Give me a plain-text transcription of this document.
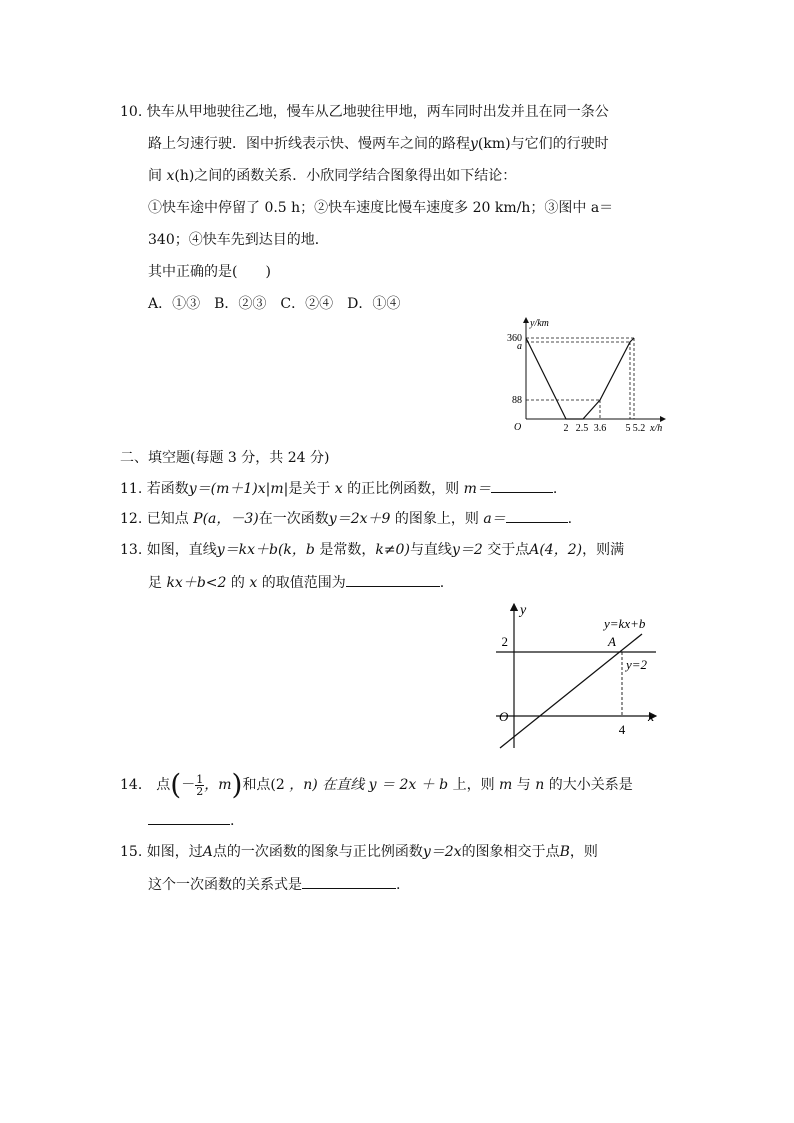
10. 快车从甲地驶往乙地，慢车从乙地驶往甲地，两车同时出发并且在同一条公
路上匀速行驶．图中折线表示快、慢两车之间的路程y(km)与它们的行驶时
间 x(h)之间的函数关系．小欣同学结合图象得出如下结论：
①快车途中停留了 0.5 h；②快车速度比慢车速度多 20 km/h；③图中 a＝
340；④快车先到达目的地．
其中正确的是(　　)
A．①③　B．②③　C．②④　D．①④
y/km
360
a
88
O	2 2.5 3.6 5 5.2 x/h
二、填空题(每题 3 分，共 24 分)
11. 若函数y＝(m＋1)x|m|是关于 x 的正比例函数，则 m＝	.
12. 已知点 P(a，－3)在一次函数y＝2x＋9 的图象上，则 a＝	.
13. 如图，直线y＝kx＋b(k，b 是常数，k≠0)与直线y＝2 交于点A(4，2)，则满
足 kx＋b<2 的 x 的取值范围为	.
y
2
O
4
x
y=kx+b
A
y=2
14． 点(－ $\frac{1}{2}$ ，m)和点(2 ，n) 在直线 y ＝ 2x ＋ b 上，则 m 与 n 的大小关系是
.
15. 如图，过A点的一次函数的图象与正比例函数y＝2x的图象相交于点B，则
这个一次函数的关系式是	.
